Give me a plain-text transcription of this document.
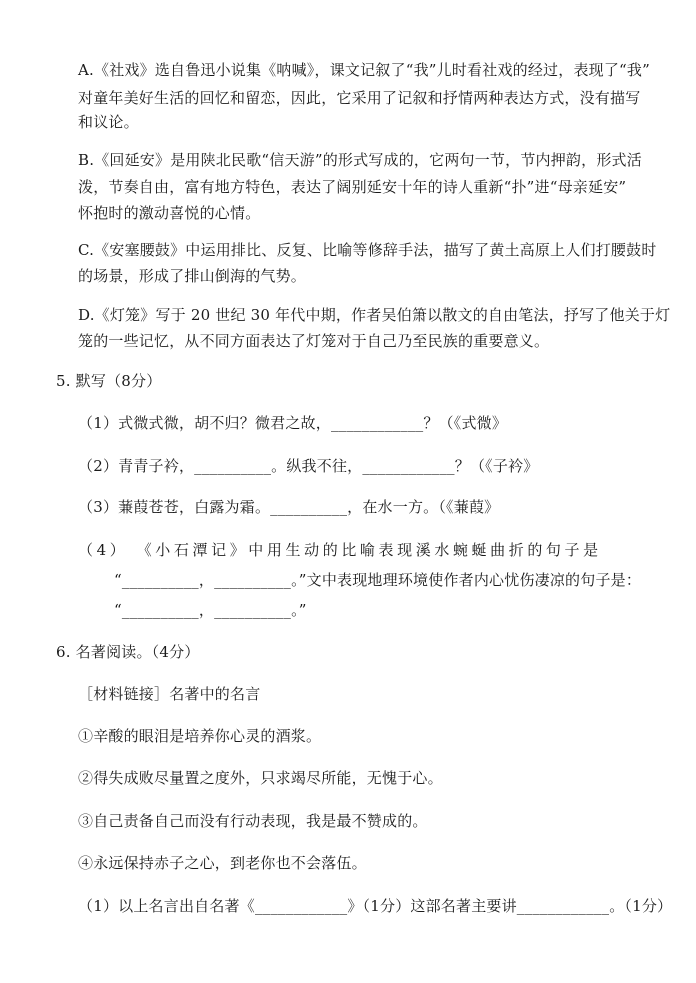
A.《社戏》选自鲁迅小说集《呐喊》，课文记叙了“我”儿时看社戏的经过，表现了“我”
对童年美好生活的回忆和留恋，因此，它采用了记叙和抒情两种表达方式，没有描写
和议论。
B.《回延安》是用陕北民歌“信天游”的形式写成的，它两句一节，节内押韵，形式活
泼，节奏自由，富有地方特色，表达了阔别延安十年的诗人重新“扑”进“母亲延安”
怀抱时的激动喜悦的心情。
C.《安塞腰鼓》中运用排比、反复、比喻等修辞手法，描写了黄土高原上人们打腰鼓时
的场景，形成了排山倒海的气势。
D.《灯笼》写于 20 世纪 30 年代中期，作者吴伯箫以散文的自由笔法，抒写了他关于灯
笼的一些记忆，从不同方面表达了灯笼对于自己乃至民族的重要意义。
5. 默写（8分）
（1）式微式微，胡不归？微君之故，____________？（《式微》
（2）青青子衿，__________。纵我不往，____________？（《子衿》
（3）蒹葭苍苍，白露为霜。__________，在水一方。（《蒹葭》
（4） 《小石潭记》中用生动的比喻表现溪水蜿蜒曲折的句子是
“__________，__________。”文中表现地理环境使作者内心忧伤凄凉的句子是：
“__________，__________。”
6. 名著阅读。（4分）
［材料链接］名著中的名言
①辛酸的眼泪是培养你心灵的酒浆。
②得失成败尽量置之度外，只求竭尽所能，无愧于心。
③自己责备自己而没有行动表现，我是最不赞成的。
④永远保持赤子之心，到老你也不会落伍。
（1）以上名言出自名著《____________》（1分）这部名著主要讲____________。（1分）
